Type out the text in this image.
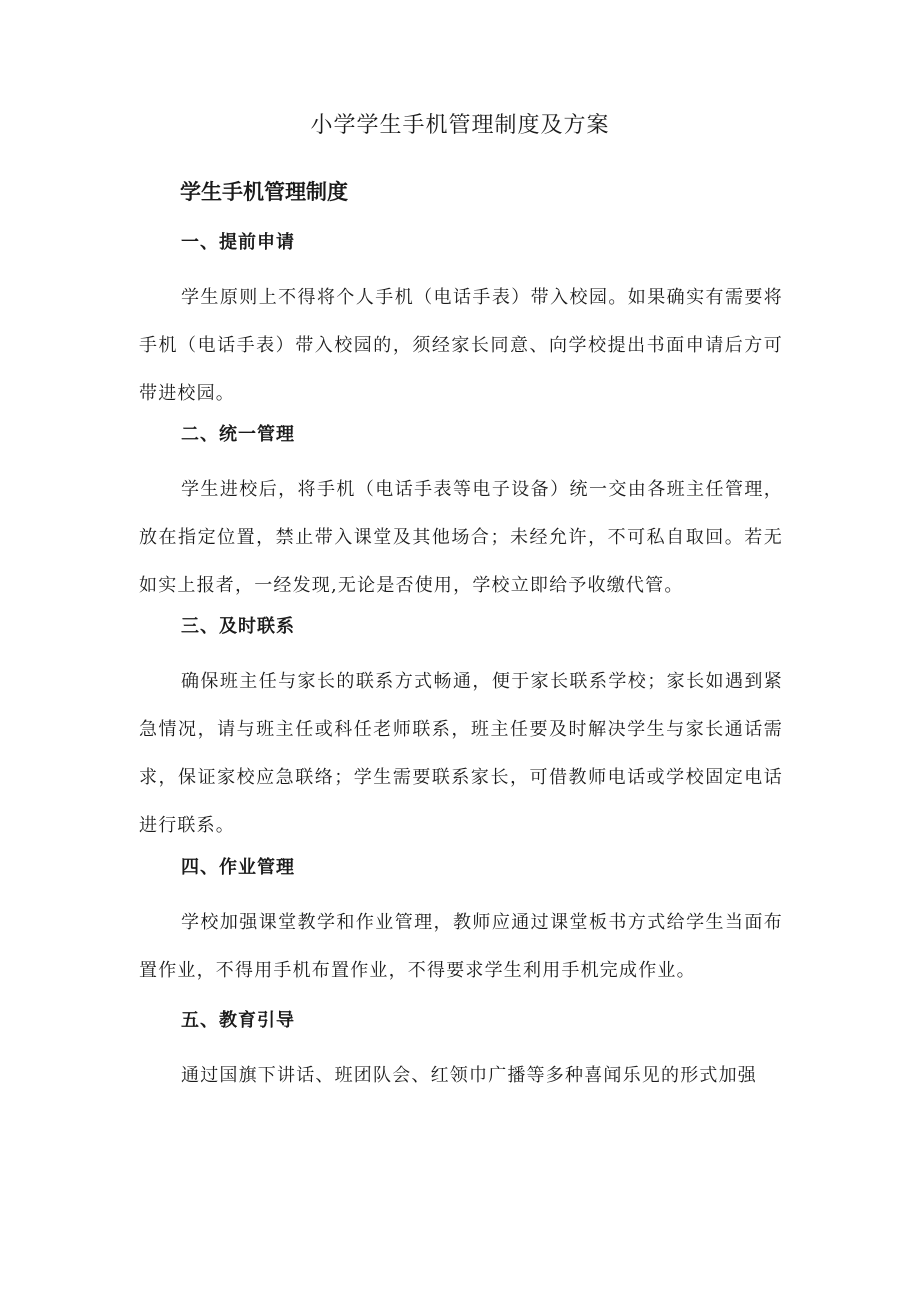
小学学生手机管理制度及方案
学生手机管理制度
一、提前申请

学生原则上不得将个人手机（电话手表）带入校园。如果确实有需要将手机（电话手表）带入校园的，须经家长同意、向学校提出书面申请后方可带进校园。

二、统一管理

学生进校后，将手机（电话手表等电子设备）统一交由各班主任管理，放在指定位置，禁止带入课堂及其他场合；未经允许，不可私自取回。若无如实上报者，一经发现,无论是否使用，学校立即给予收缴代管。

三、及时联系

确保班主任与家长的联系方式畅通，便于家长联系学校；家长如遇到紧急情况，请与班主任或科任老师联系，班主任要及时解决学生与家长通话需求，保证家校应急联络；学生需要联系家长，可借教师电话或学校固定电话进行联系。

四、作业管理

学校加强课堂教学和作业管理，教师应通过课堂板书方式给学生当面布置作业，不得用手机布置作业，不得要求学生利用手机完成作业。

五、教育引导

通过国旗下讲话、班团队会、红领巾广播等多种喜闻乐见的形式加强
